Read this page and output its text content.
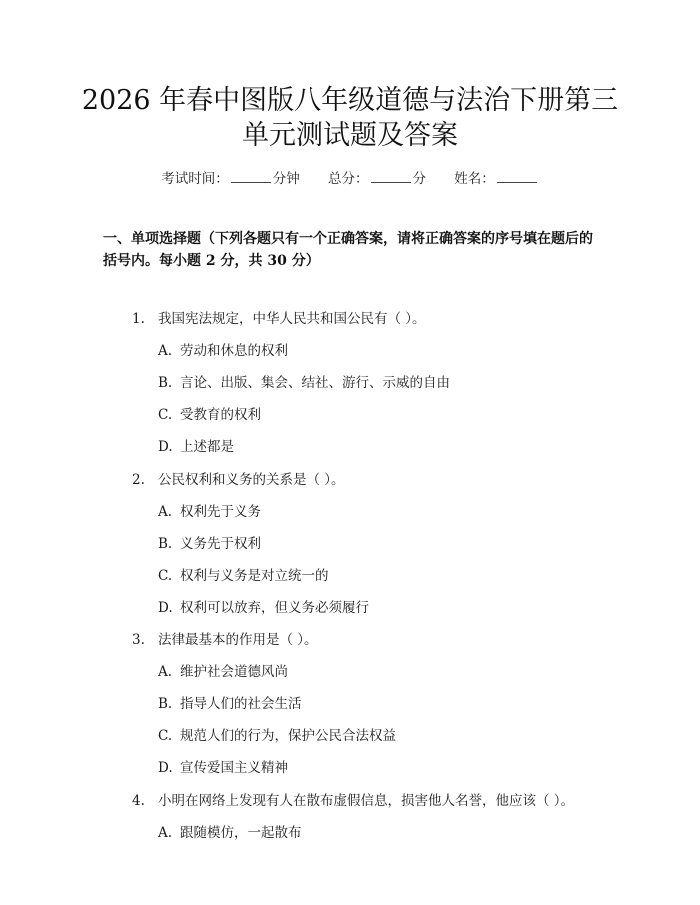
2026 年春中图版八年级道德与法治下册第三
单元测试题及答案
考试时间：	分钟 总分：	分 姓名：
一、单项选择题（下列各题只有一个正确答案，请将正确答案的序号填在题后的
括号内。每小题 2 分，共 30 分）
1. 我国宪法规定，中华人民共和国公民有（ ）。
A. 劳动和休息的权利
B. 言论、出版、集会、结社、游行、示威的自由
C. 受教育的权利
D. 上述都是
2. 公民权利和义务的关系是（ ）。
A. 权利先于义务
B. 义务先于权利
C. 权利与义务是对立统一的
D. 权利可以放弃，但义务必须履行
3. 法律最基本的作用是（ ）。
A. 维护社会道德风尚
B. 指导人们的社会生活
C. 规范人们的行为，保护公民合法权益
D. 宣传爱国主义精神
4. 小明在网络上发现有人在散布虚假信息，损害他人名誉，他应该（ ）。
A. 跟随模仿，一起散布
